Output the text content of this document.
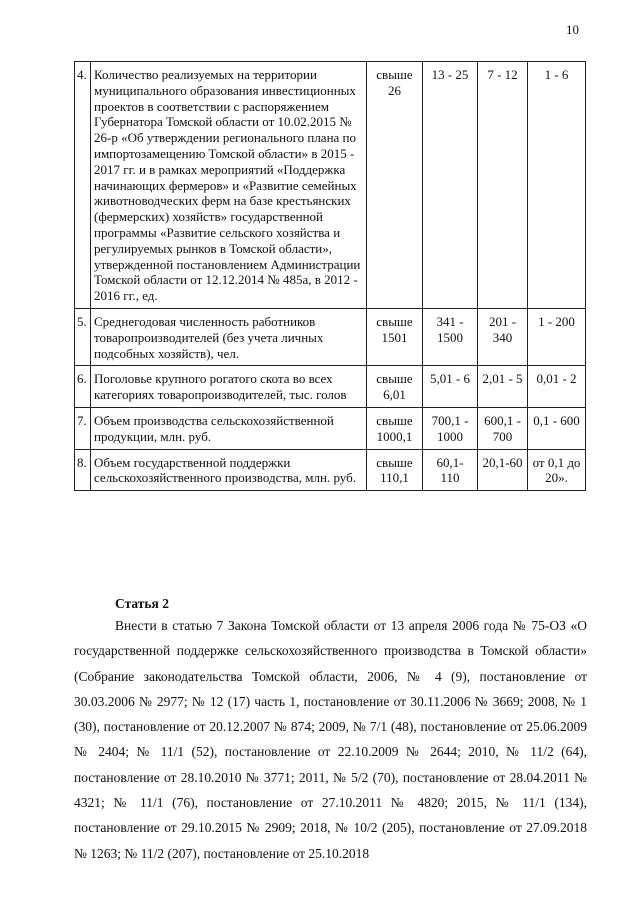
10
4.	Количество реализуемых на территории муниципального образования инвестиционных проектов в соответствии с распоряжением Губернатора Томской области от 10.02.2015 № 26-р «Об утверждении регионального плана по импортозамещению Томской области» в 2015 - 2017 гг. и в рамках мероприятий «Поддержка начинающих фермеров» и «Развитие семейных животноводческих ферм на базе крестьянских (фермерских) хозяйств» государственной программы «Развитие сельского хозяйства и регулируемых рынков в Томской области», утвержденной постановлением Администрации Томской области от 12.12.2014 № 485а, в 2012 - 2016 гг., ед.	свыше 26	13 - 25	7 - 12	1 - 6
5.	Среднегодовая численность работников товаропроизводителей (без учета личных подсобных хозяйств), чел.	свыше 1501	341 - 1500	201 - 340	1 - 200
6.	Поголовье крупного рогатого скота во всех категориях товаропроизводителей, тыс. голов	свыше 6,01	5,01 - 6	2,01 - 5	0,01 - 2
7.	Объем производства сельскохозяйственной продукции, млн. руб.	свыше 1000,1	700,1 - 1000	600,1 - 700	0,1 - 600
8.	Объем государственной поддержки сельскохозяйственного производства, млн. руб.	свыше 110,1	60,1- 110	20,1-60	от 0,1 до 20».
Статья 2

Внести в статью 7 Закона Томской области от 13 апреля 2006 года № 75-ОЗ «О государственной поддержке сельскохозяйственного производства в Томской области» (Собрание законодательства Томской области, 2006, № 4 (9), постановление от 30.03.2006 № 2977; № 12 (17) часть 1, постановление от 30.11.2006 № 3669; 2008, № 1 (30), постановление от 20.12.2007 № 874; 2009, № 7/1 (48), постановление от 25.06.2009 № 2404; № 11/1 (52), постановление от 22.10.2009 № 2644; 2010, № 11/2 (64), постановление от 28.10.2010 № 3771; 2011, № 5/2 (70), постановление от 28.04.2011 № 4321; № 11/1 (76), постановление от 27.10.2011 № 4820; 2015, № 11/1 (134), постановление от 29.10.2015 № 2909; 2018, № 10/2 (205), постановление от 27.09.2018 № 1263; № 11/2 (207), постановление от 25.10.2018
